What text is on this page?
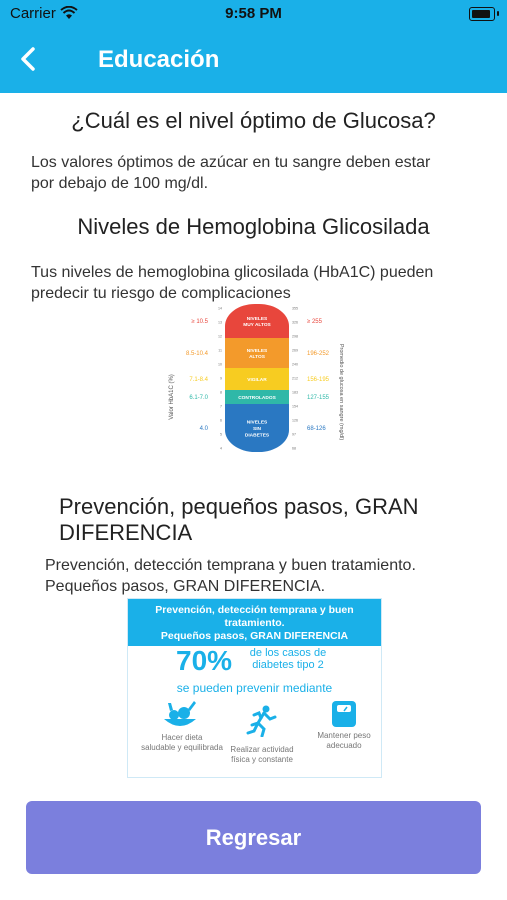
Carrier	9:58 PM
Educación
¿Cuál es el nivel óptimo de Glucosa?
Los valores óptimos de azúcar en tu sangre deben estar
por debajo de 100 mg/dl.
Niveles de Hemoglobina Glicosilada
Tus niveles de hemoglobina glicosilada (HbA1C) pueden
predecir tu riesgo de complicaciones
Valor HbA1C (%)	Promedio de glucosa en sangre (mg/dl)
NIVELES
MUY ALTOS
≥ 10.5	≥ 255
NIVELES
ALTOS
8.5-10.4	196-252
VIGILAR
7.1-8.4	156-195
CONTROLADOS
6.1-7.0	127-155
NIVELES
SIN
DIABETES
4.0	68-126
14	355
13	326
12	298
11	269
10	240
9	212
8	183
7	154
6	126
5	97
4	68
Prevención, pequeños pasos, GRAN
DIFERENCIA
Prevención, detección temprana y buen tratamiento.
Pequeños pasos, GRAN DIFERENCIA.
Prevención, detección temprana y buen tratamiento.
Pequeños pasos, GRAN DIFERENCIA
70%	de los casos de
diabetes tipo 2
se pueden prevenir mediante
Hacer dieta
saludable y equilibrada Realizar actividad
física y constante
Mantener peso
adecuado
Regresar
